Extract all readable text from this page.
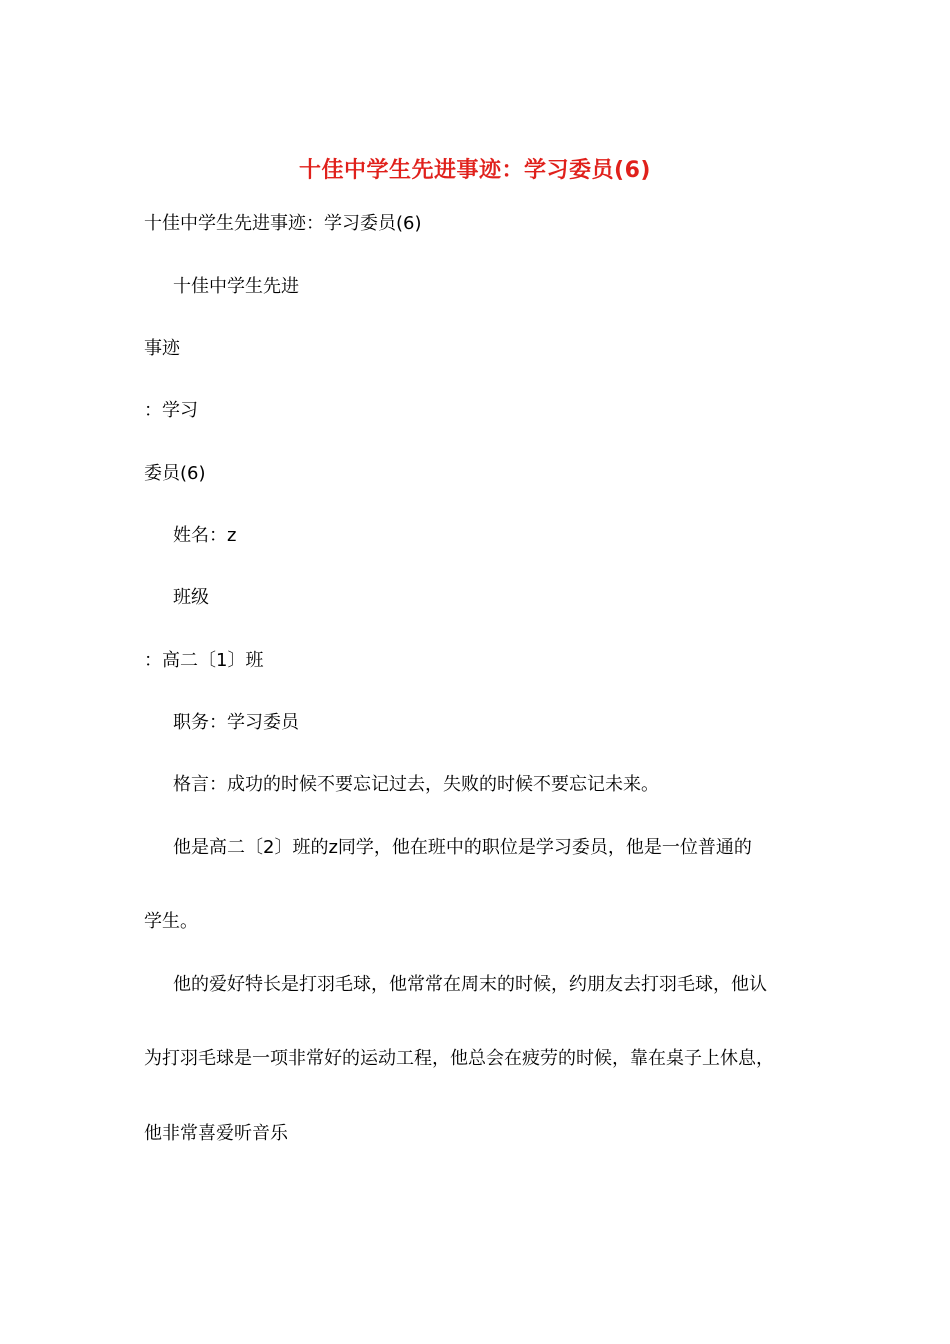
十佳中学生先进事迹：学习委员(6)
十佳中学生先进事迹：学习委员(6)
十佳中学生先进
事迹
：学习
委员(6)
姓名：z
班级
：高二〔1〕班
职务：学习委员
格言：成功的时候不要忘记过去，失败的时候不要忘记未来。
他是高二〔2〕班的z同学，他在班中的职位是学习委员，他是一位普通的
学生。
他的爱好特长是打羽毛球，他常常在周末的时候，约朋友去打羽毛球，他认
为打羽毛球是一项非常好的运动工程，他总会在疲劳的时候，靠在桌子上休息，
他非常喜爱听音乐
